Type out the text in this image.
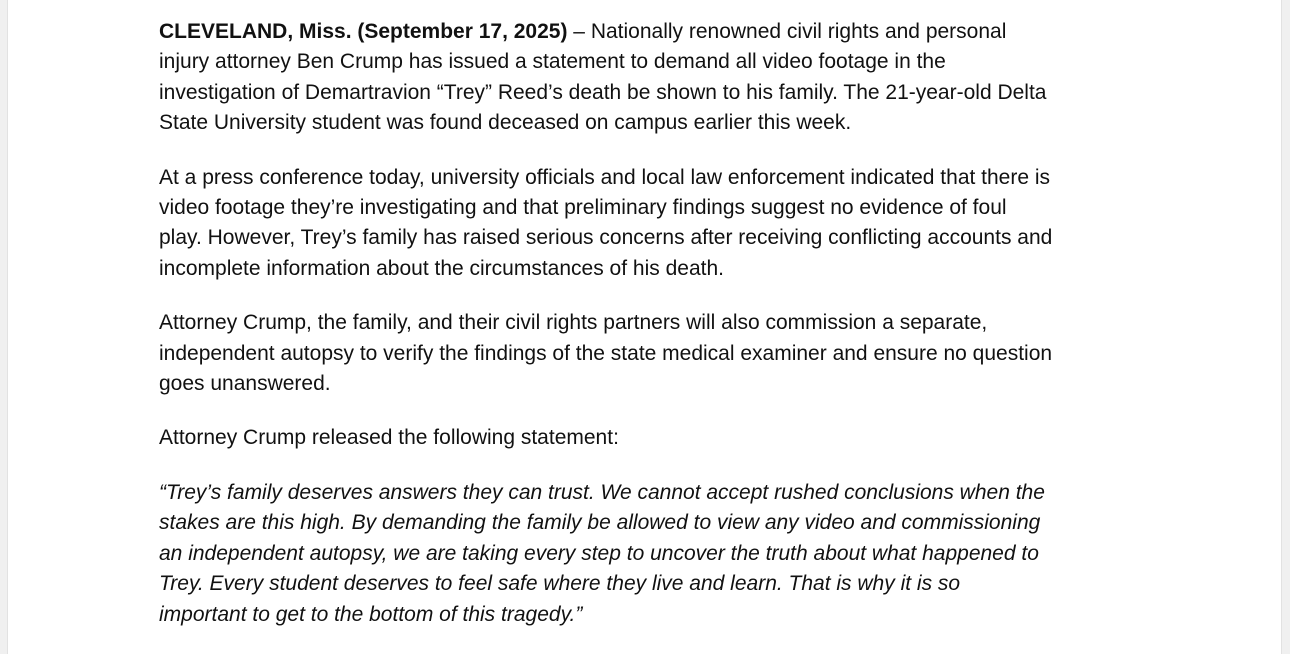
CLEVELAND, Miss. (September 17, 2025) – Nationally renowned civil rights and personal
injury attorney Ben Crump has issued a statement to demand all video footage in the
investigation of Demartravion “Trey” Reed’s death be shown to his family. The 21-year-old Delta
State University student was found deceased on campus earlier this week.

At a press conference today, university officials and local law enforcement indicated that there is
video footage they’re investigating and that preliminary findings suggest no evidence of foul
play. However, Trey’s family has raised serious concerns after receiving conflicting accounts and
incomplete information about the circumstances of his death.

Attorney Crump, the family, and their civil rights partners will also commission a separate,
independent autopsy to verify the findings of the state medical examiner and ensure no question
goes unanswered.

Attorney Crump released the following statement:

“Trey’s family deserves answers they can trust. We cannot accept rushed conclusions when the
stakes are this high. By demanding the family be allowed to view any video and commissioning
an independent autopsy, we are taking every step to uncover the truth about what happened to
Trey. Every student deserves to feel safe where they live and learn. That is why it is so
important to get to the bottom of this tragedy.”
